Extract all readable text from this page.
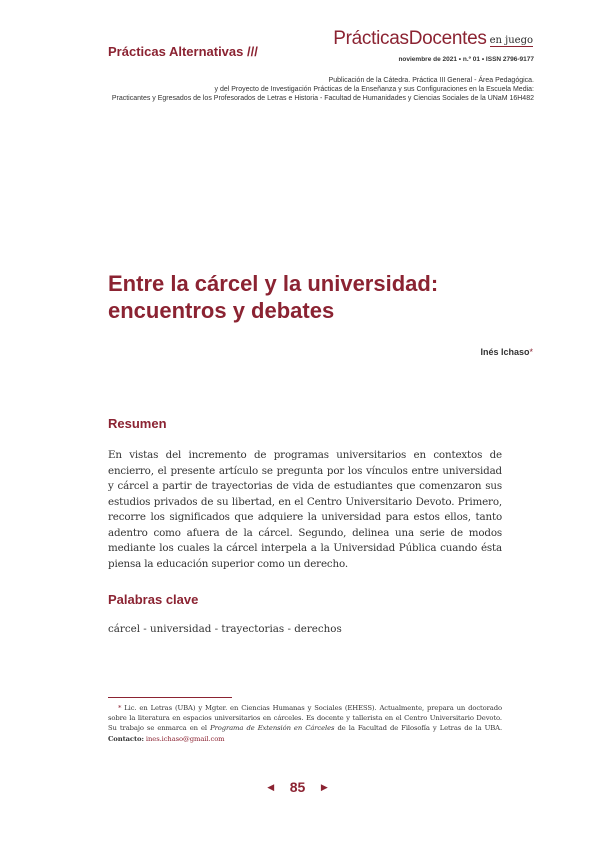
Prácticas Alternativas ///
PrácticasDocentes en juego
noviembre de 2021 • n.º 01 • ISSN 2796-9177
Publicación de la Cátedra. Práctica III General - Área Pedagógica.
y del Proyecto de Investigación Prácticas de la Enseñanza y sus Configuraciones en la Escuela Media:
Practicantes y Egresados de los Profesorados de Letras e Historia - Facultad de Humanidades y Ciencias Sociales de la UNaM 16H482
Entre la cárcel y la universidad:
encuentros y debates
Inés Ichaso*
Resumen

En vistas del incremento de programas universitarios en contextos de encierro, el presente artículo se pregunta por los vínculos entre universidad y cárcel a partir de trayectorias de vida de estudiantes que comenzaron sus estudios privados de su libertad, en el Centro Universitario Devoto. Primero, recorre los significados que adquiere la universidad para estos ellos, tanto adentro como afuera de la cárcel. Segundo, delinea una serie de modos mediante los cuales la cárcel interpela a la Universidad Pública cuando ésta piensa la educación superior como un derecho.

Palabras clave

cárcel - universidad - trayectorias - derechos

* Lic. en Letras (UBA) y Mgter. en Ciencias Humanas y Sociales (EHESS). Actualmente, prepara un doctorado sobre la literatura en espacios universitarios en cárceles. Es docente y tallerista en el Centro Universitario Devoto. Su trabajo se enmarca en el Programa de Extensión en Cárceles de la Facultad de Filosofía y Letras de la UBA. Contacto: ines.ichaso@gmail.com
◀ 85	▶
